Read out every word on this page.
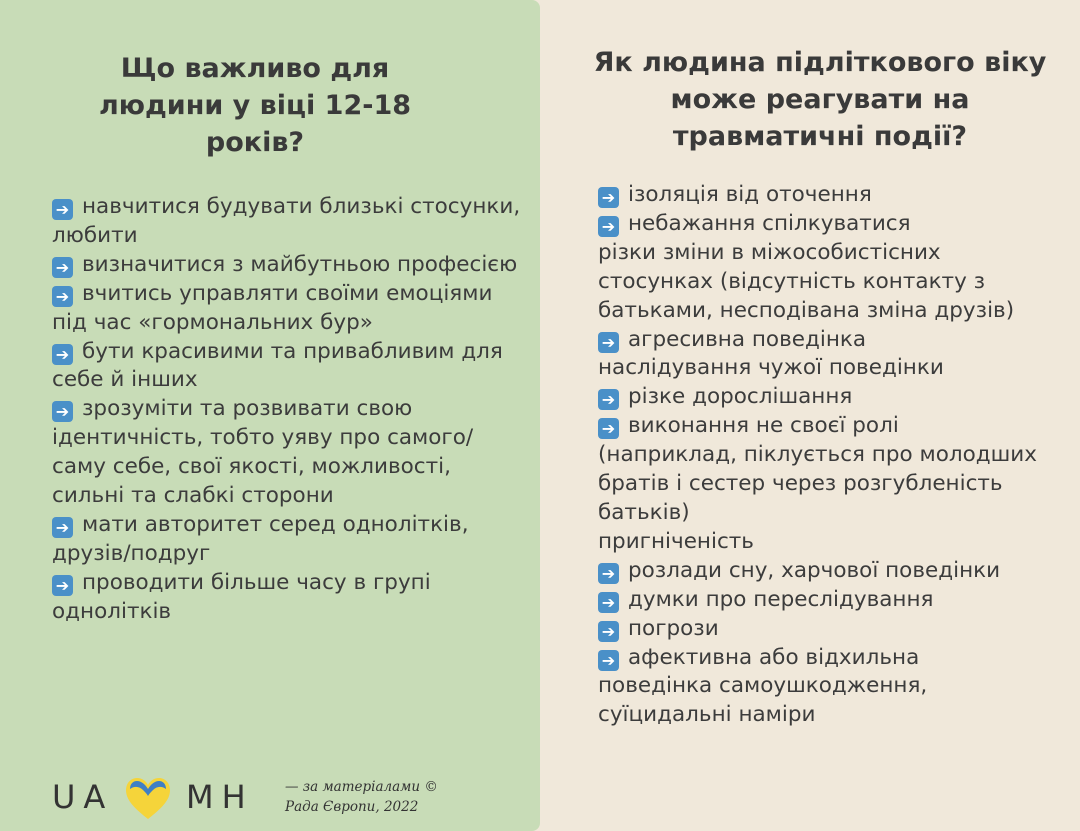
Що важливо для людини у віці 12-18 років?
➔ навчитися будувати близькі стосунки, любити
➔ визначитися з майбутньою професією
➔ вчитись управляти своїми емоціями під час «гормональних бур»
➔ бути красивими та привабливим для себе й інших
➔ зрозуміти та розвивати свою ідентичність, тобто уяву про самого/саму себе, свої якості, можливості, сильні та слабкі сторони
➔ мати авторитет серед однолітків, друзів/подруг
➔ проводити більше часу в групі однолітків
Як людина підліткового віку може реагувати на травматичні події?
➔ ізоляція від оточення
➔ небажання спілкуватися
різки зміни в міжособистісних стосунках (відсутність контакту з батьками, несподівана зміна друзів)
➔ агресивна поведінка
наслідування чужої поведінки
➔ різке дорослішання
➔ виконання не своєї ролі (наприклад, піклується про молодших братів і сестер через розгубленість батьків)
пригніченість
➔ розлади сну, харчової поведінки
➔ думки про переслідування
➔ погрози
➔ афективна або відхильна поведінка самоушкодження,
суїцидальні наміри
UA MH — за матеріалами ©
Рада Європи, 2022
